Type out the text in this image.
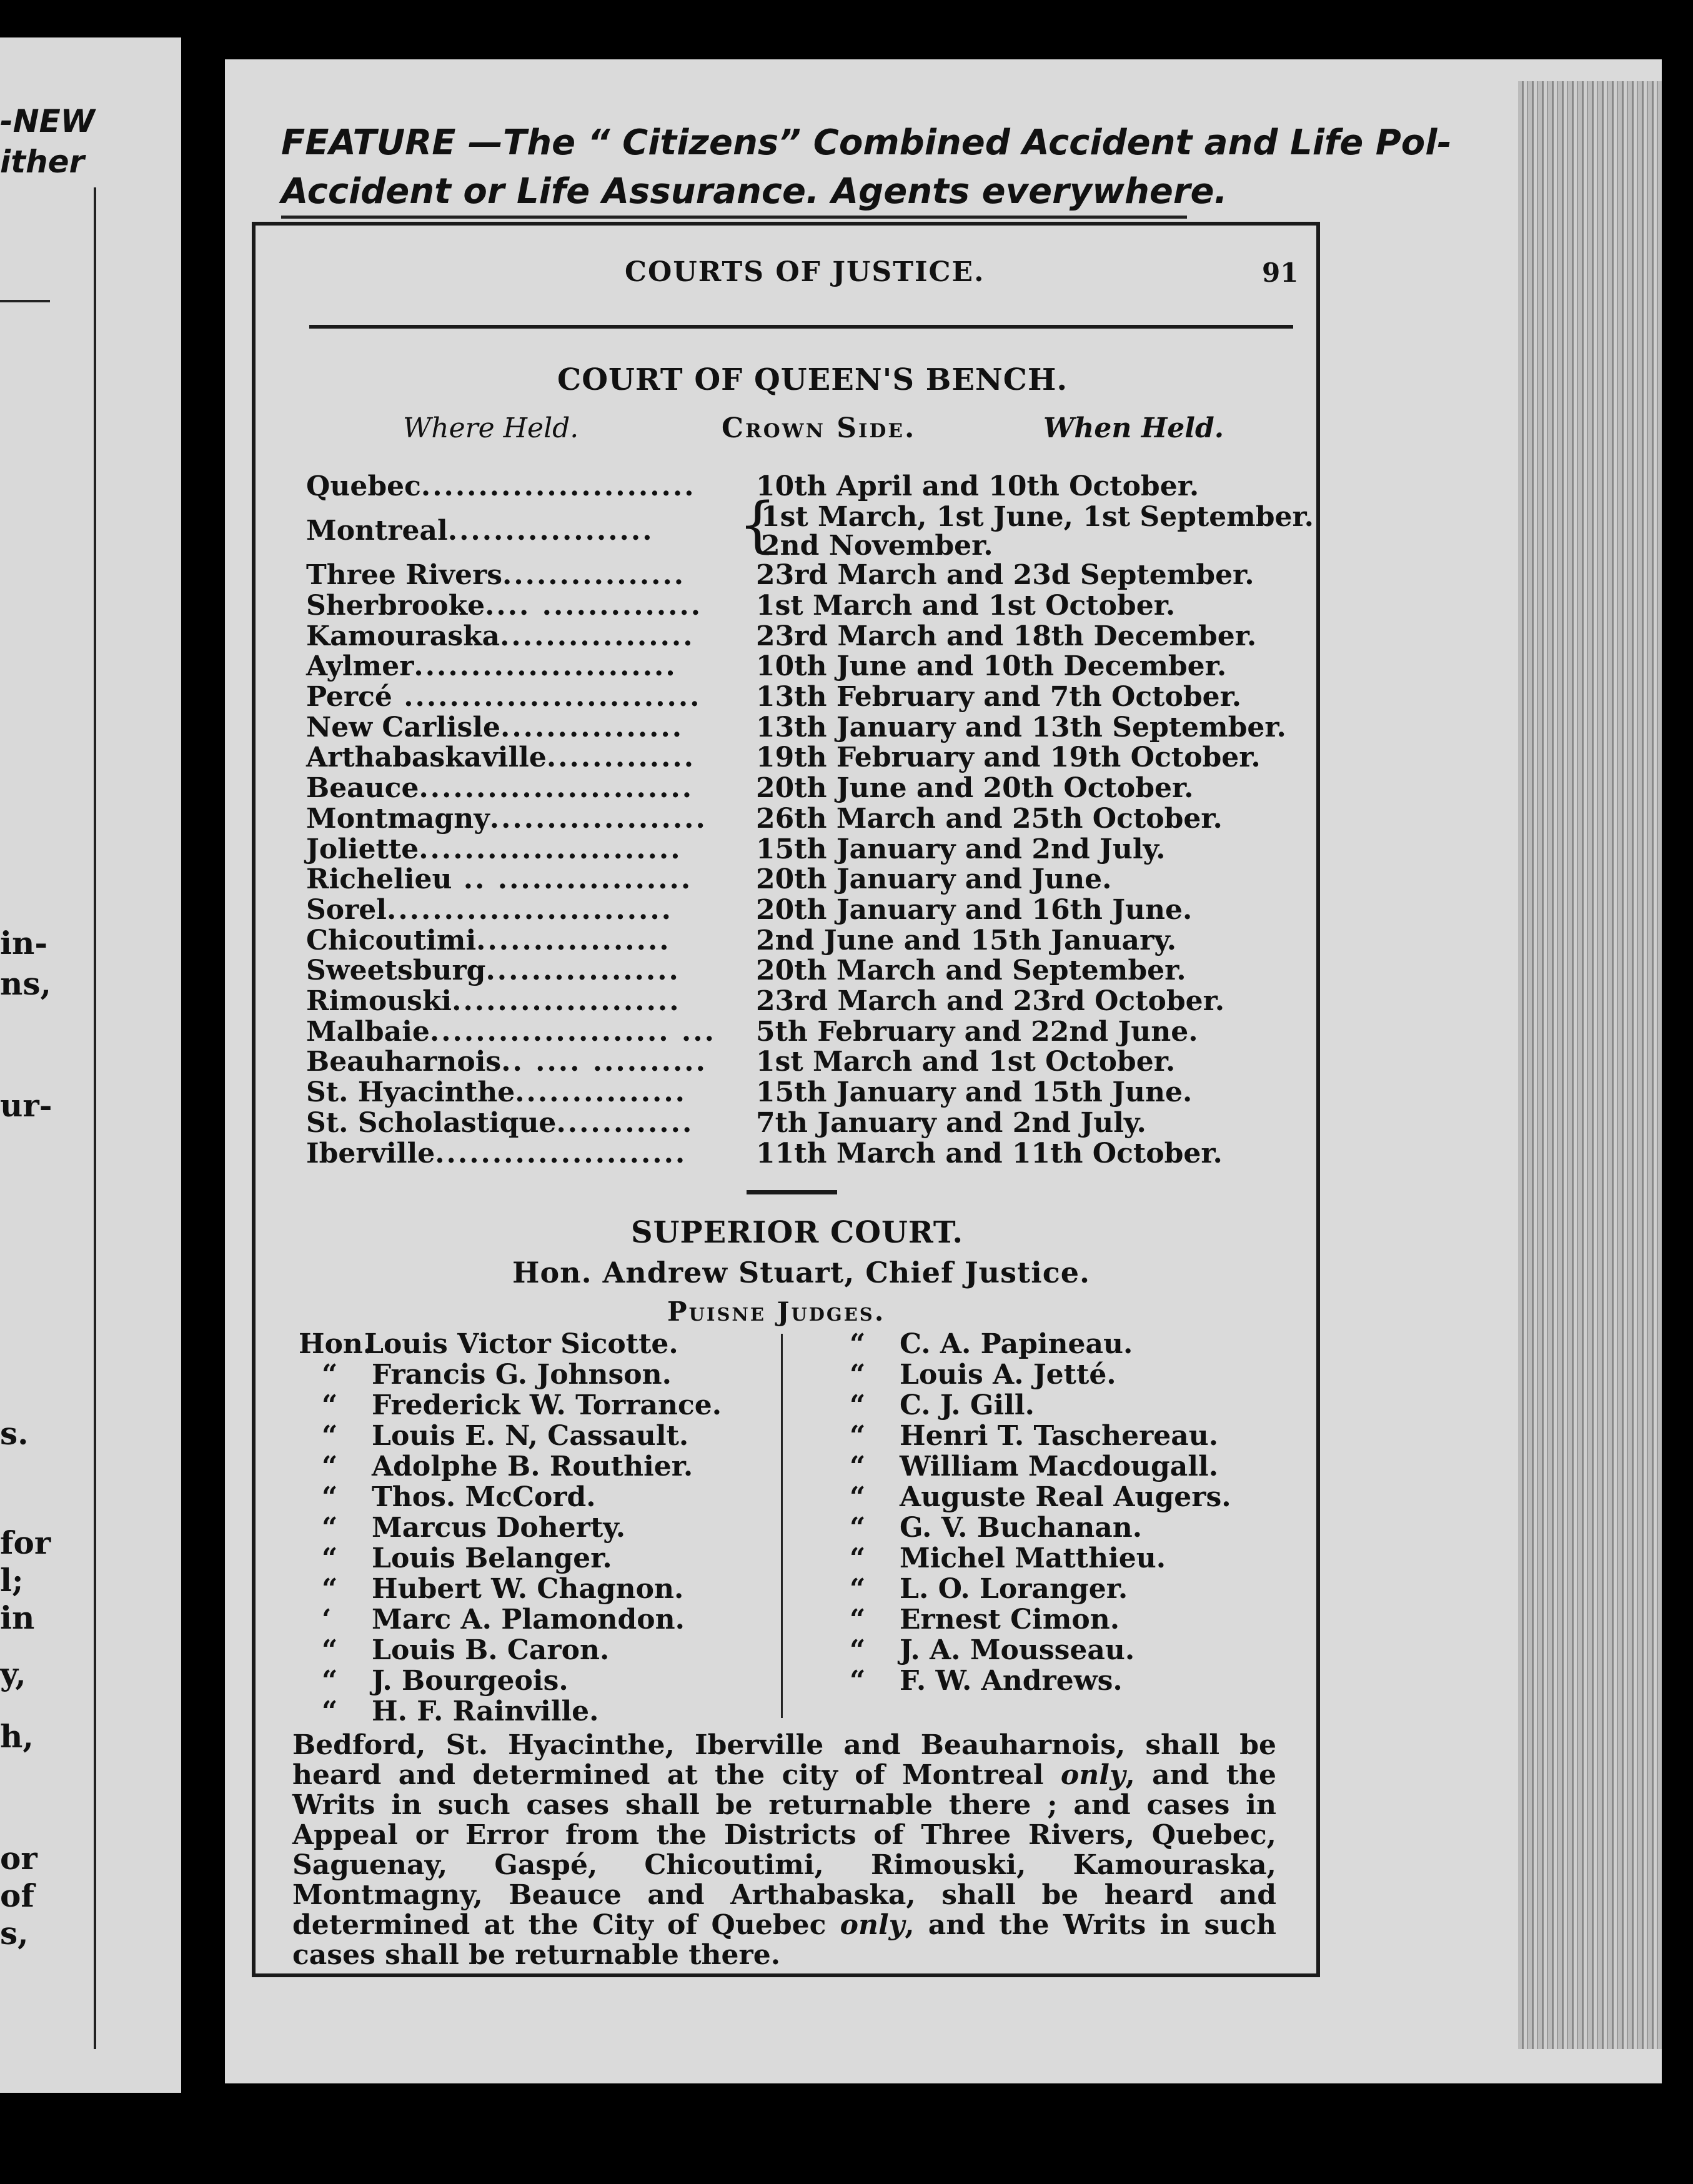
-NEW
ither
in-
ns,
ur-
s.
for
l;
in
y,
h,
or
of
s,
FEATURE —The “ Citizens” Combined Accident and Life Pol-
Accident or Life Assurance. Agents everywhere.
COURTS OF JUSTICE.	91
COURT OF QUEEN'S BENCH.
Where Held.	Crown Side.	When Held.
Quebec........................ 10th April and 10th October.
Montreal..................	1st March, 1st June, 1st September.
{
2nd November.
Three Rivers................	23rd March and 23d September.
Sherbrooke.... .............. 1st March and 1st October.
Kamouraska................. 23rd March and 18th December.
Aylmer.......................	10th June and 10th December.
Percé .......................... 13th February and 7th October.
New Carlisle................	13th January and 13th September.
Arthabaskaville............. 19th February and 19th October.
Beauce........................ 20th June and 20th October.
Montmagny................... 26th March and 25th October.
Joliette.......................	15th January and 2nd July.
Richelieu .. ................. 20th January and June.
Sorel.........................	20th January and 16th June.
Chicoutimi.................	2nd June and 15th January.
Sweetsburg.................	20th March and September.
Rimouski....................	23rd March and 23rd October.
Malbaie..................... ... 5th February and 22nd June.
Beauharnois.. .... .......... 1st March and 1st October.
St. Hyacinthe...............	15th January and 15th June.
St. Scholastique............ 7th January and 2nd July.
Iberville......................	11th March and 11th October.
SUPERIOR COURT.
Hon. Andrew Stuart, Chief Justice.
Puisne Judges.
Hon.
Louis Victor Sicotte.
“ Francis G. Johnson.
“ Frederick W. Torrance.
“ Louis E. N, Cassault.
“ Adolphe B. Routhier.
“ Thos. McCord.
“ Marcus Doherty.
“ Louis Belanger.
“ Hubert W. Chagnon.
‘ Marc A. Plamondon.
“ Louis B. Caron.
“ J. Bourgeois.
“ H. F. Rainville.
“ C. A. Papineau.
“ Louis A. Jetté.
“ C. J. Gill.
“ Henri T. Taschereau.
“ William Macdougall.
“ Auguste Real Augers.
“ G. V. Buchanan.
“ Michel Matthieu.
“ L. O. Loranger.
“ Ernest Cimon.
“ J. A. Mousseau.
“ F. W. Andrews.

Bedford, St. Hyacinthe, Iberville and Beauharnois, shall be heard and determined at the city of Montreal only, and the Writs in such cases shall be returnable there ; and cases in Appeal or Error from the Districts of Three Rivers, Quebec, Saguenay, Gaspé, Chicoutimi, Rimouski, Kamouraska, Montmagny, Beauce and Arthabaska, shall be heard and determined at the City of Quebec only, and the Writs in such cases shall be returnable there.
